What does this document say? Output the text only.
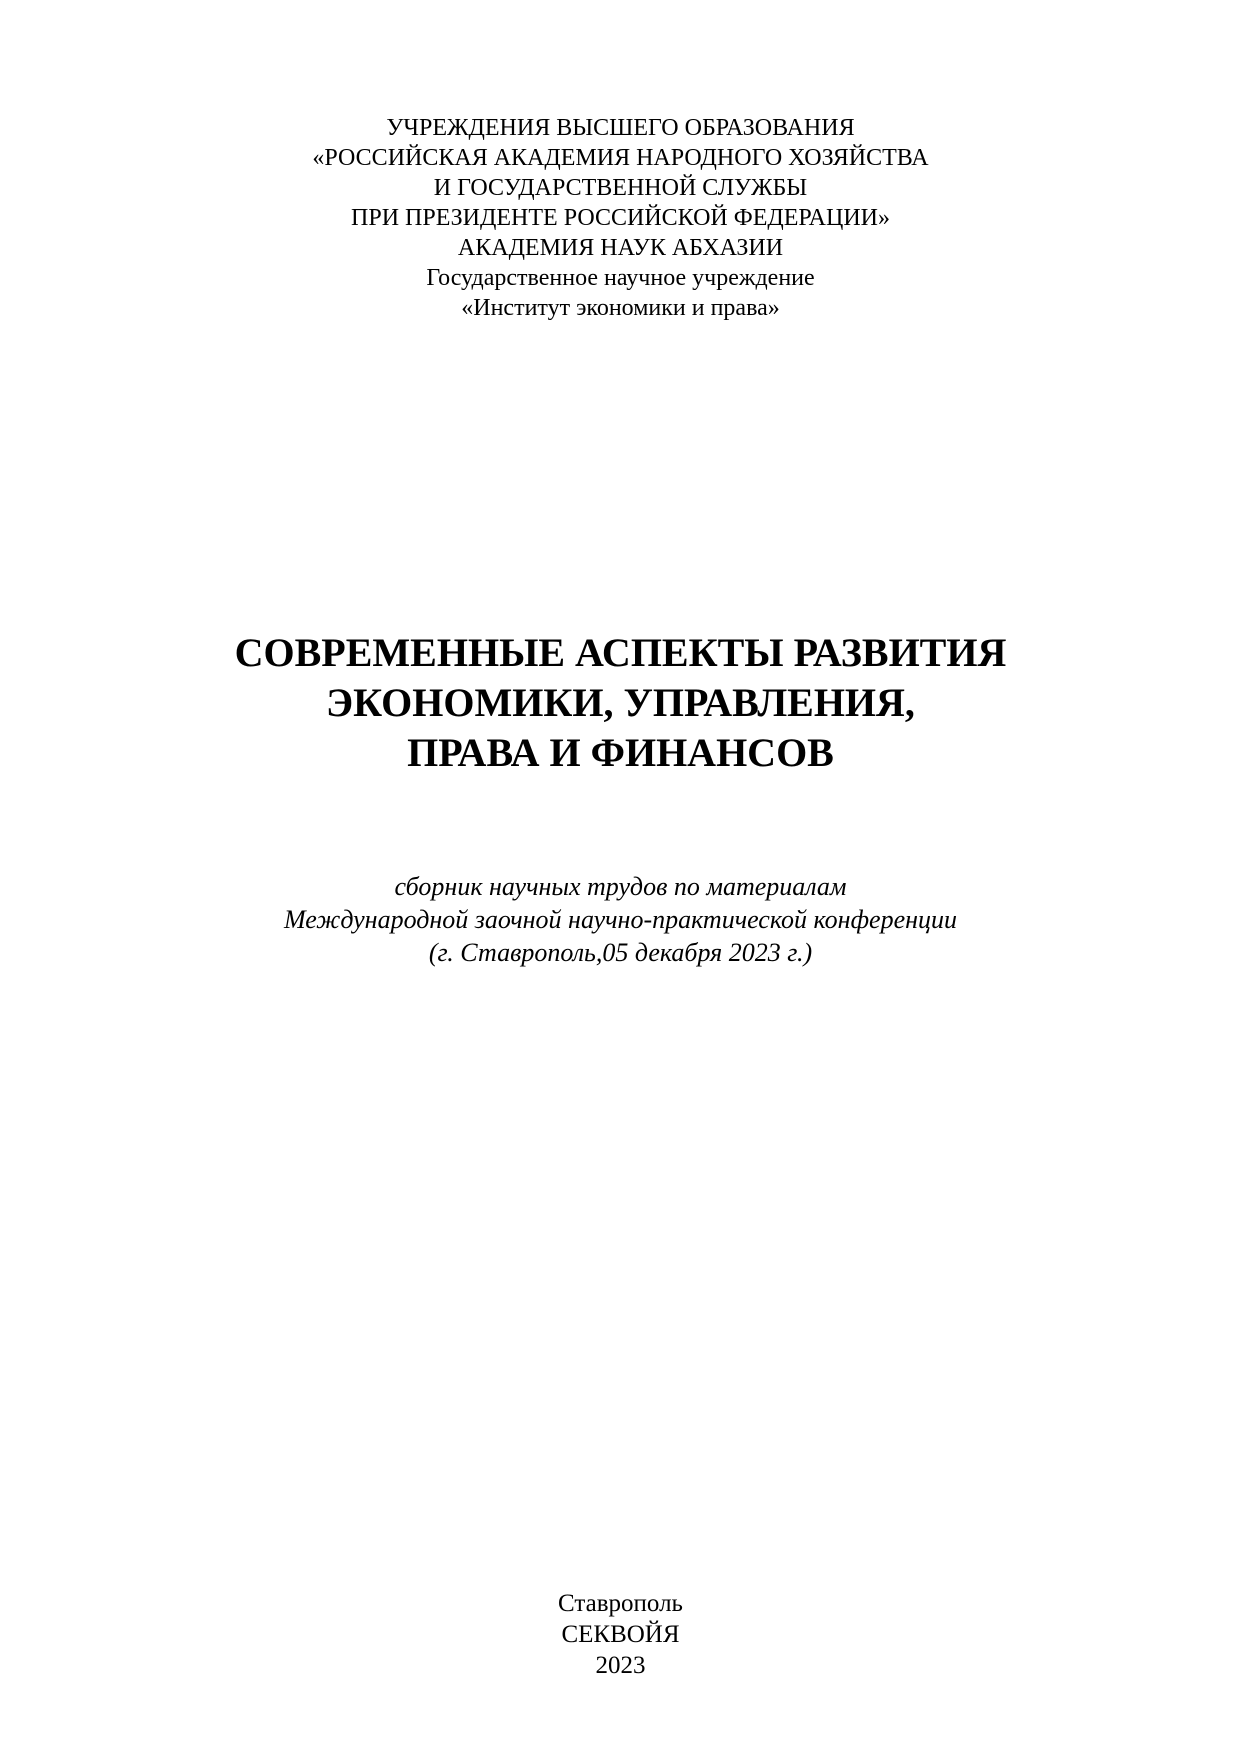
УЧРЕЖДЕНИЯ ВЫСШЕГО ОБРАЗОВАНИЯ
«РОССИЙСКАЯ АКАДЕМИЯ НАРОДНОГО ХОЗЯЙСТВА
И ГОСУДАРСТВЕННОЙ СЛУЖБЫ
ПРИ ПРЕЗИДЕНТЕ РОССИЙСКОЙ ФЕДЕРАЦИИ»
АКАДЕМИЯ НАУК АБХАЗИИ
Государственное научное учреждение
«Институт экономики и права»
СОВРЕМЕННЫЕ АСПЕКТЫ РАЗВИТИЯ
ЭКОНОМИКИ, УПРАВЛЕНИЯ,
ПРАВА И ФИНАНСОВ
сборник научных трудов по материалам
Международной заочной научно-практической конференции
(г. Ставрополь,05 декабря 2023 г.)
Ставрополь
СЕКВОЙЯ
2023
